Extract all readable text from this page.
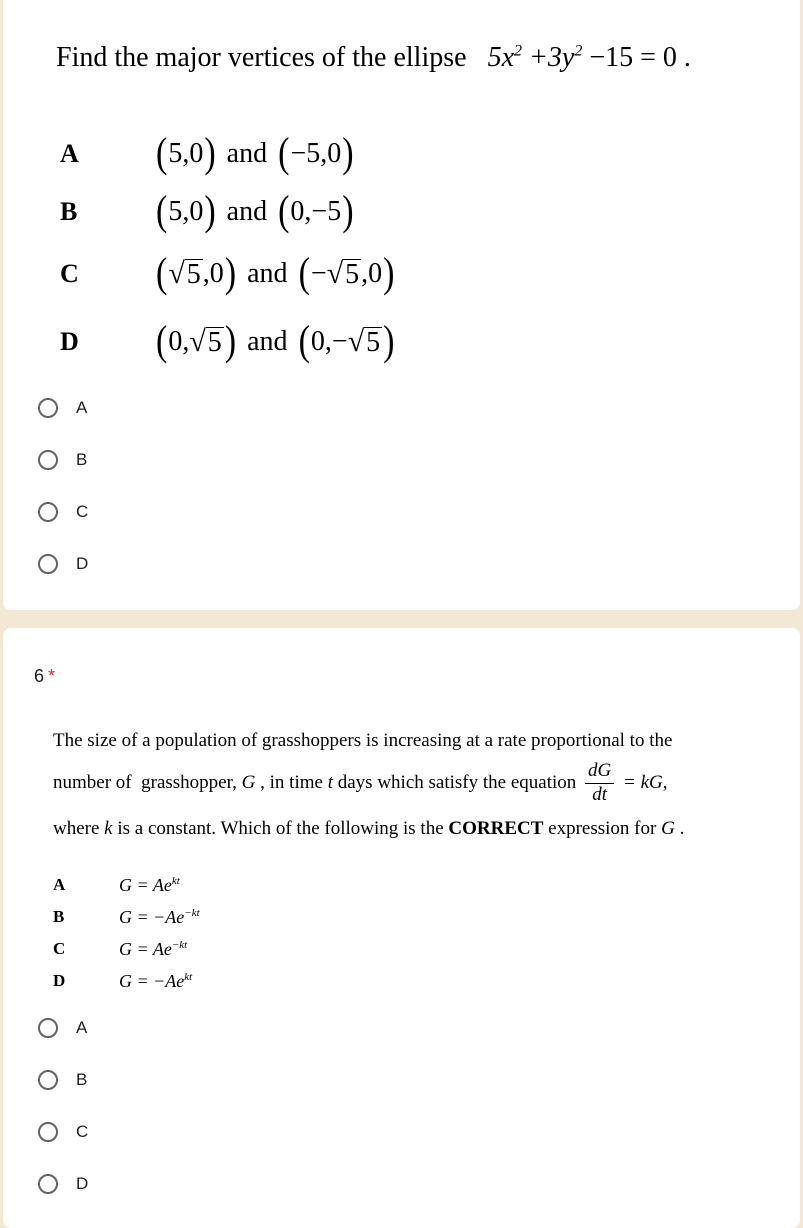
Find the major vertices of the ellipse $5x^2 +3y^2 -15 = 0$ .
A	( 5,0 ) and ( −5,0 )
B	( 5,0 ) and ( 0,−5 )
C	( √ 5 ,0 ) and ( − √ 5 ,0 )
D	( 0, √ 5 ) and ( 0,− √ 5 )
A
B
C
D
6 *
The size of a population of grasshoppers is increasing at a rate proportional to the
number of  grasshopper, G , in time t days which satisfy the equation $\frac{dG}{dt}$ = kG ,
where k is a constant. Which of the following is the CORRECT expression for G .
A	$G = Ae^{kt}$
B	$G = -Ae^{-kt}$
C	$G = Ae^{-kt}$
D	$G = -Ae^{kt}$
A
B
C
D
